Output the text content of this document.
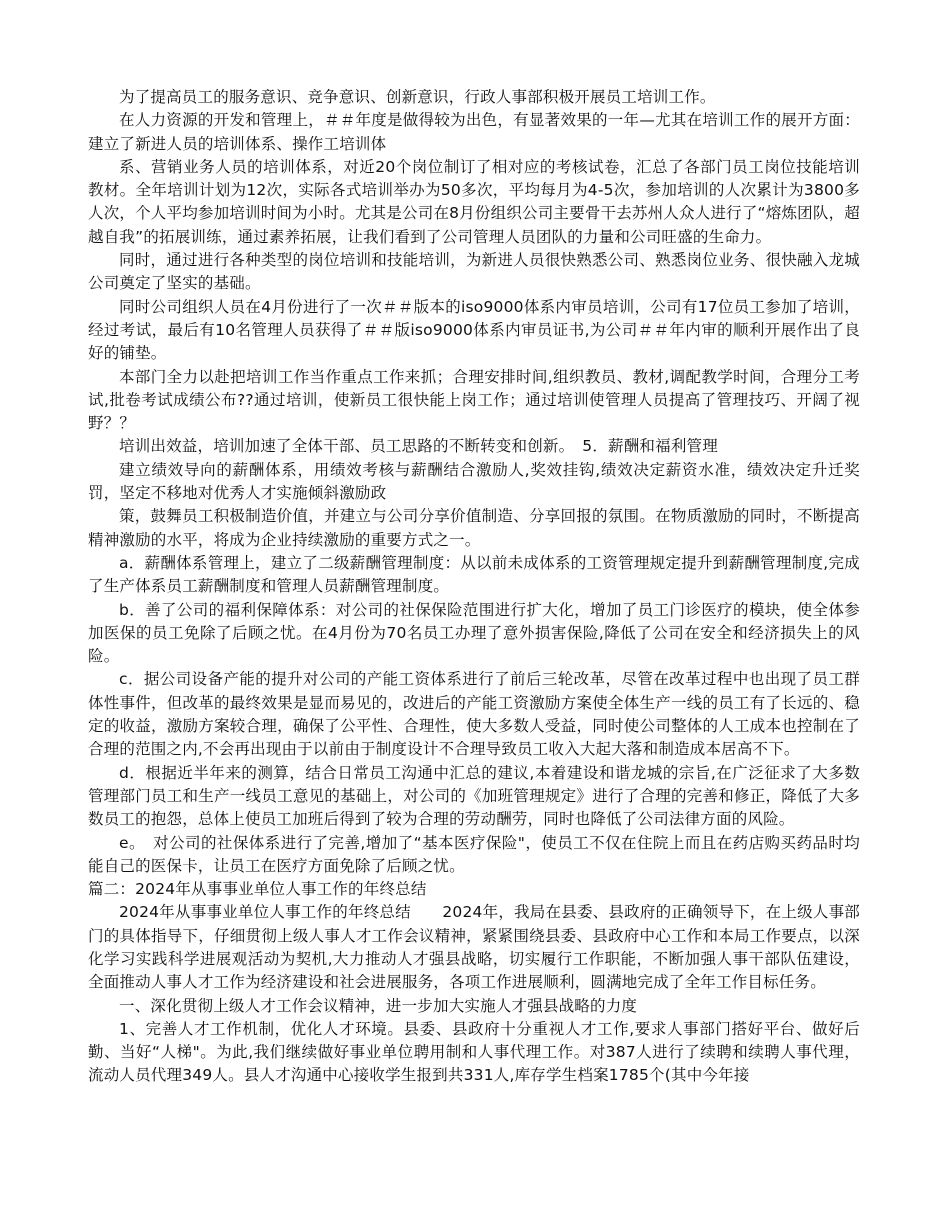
为了提高员工的服务意识、竞争意识、创新意识，行政人事部积极开展员工培训工作。

在人力资源的开发和管理上，＃＃年度是做得较为出色，有显著效果的一年—尤其在培训工作的展开方面：建立了新进人员的培训体系、操作工培训体

系、营销业务人员的培训体系，对近20个岗位制订了相对应的考核试卷，汇总了各部门员工岗位技能培训教材。全年培训计划为12次，实际各式培训举办为50多次，平均每月为4-5次，参加培训的人次累计为3800多人次，个人平均参加培训时间为小时。尤其是公司在8月份组织公司主要骨干去苏州人众人进行了“熔炼团队，超越自我”的拓展训练，通过素养拓展，让我们看到了公司管理人员团队的力量和公司旺盛的生命力。

同时，通过进行各种类型的岗位培训和技能培训，为新进人员很快熟悉公司、熟悉岗位业务、很快融入龙城公司奠定了坚实的基础。

同时公司组织人员在4月份进行了一次＃＃版本的iso9000体系内审员培训，公司有17位员工参加了培训，经过考试，最后有10名管理人员获得了＃＃版iso9000体系内审员证书,为公司＃＃年内审的顺利开展作出了良好的铺垫。

本部门全力以赴把培训工作当作重点工作来抓；合理安排时间,组织教员、教材,调配教学时间，合理分工考试,批卷考试成绩公布??通过培训，使新员工很快能上岗工作；通过培训使管理人员提高了管理技巧、开阔了视野？？

培训出效益，培训加速了全体干部、员工思路的不断转变和创新。　5．薪酬和福利管理

建立绩效导向的薪酬体系，用绩效考核与薪酬结合激励人,奖效挂钩,绩效决定薪资水准，绩效决定升迁奖罚，坚定不移地对优秀人才实施倾斜激励政

策，鼓舞员工积极制造价值，并建立与公司分享价值制造、分享回报的氛围。在物质激励的同时，不断提高精神激励的水平，将成为企业持续激励的重要方式之一。

a．薪酬体系管理上，建立了二级薪酬管理制度：从以前未成体系的工资管理规定提升到薪酬管理制度,完成了生产体系员工薪酬制度和管理人员薪酬管理制度。

b．善了公司的福利保障体系：对公司的社保保险范围进行扩大化，增加了员工门诊医疗的模块，使全体参加医保的员工免除了后顾之忧。在4月份为70名员工办理了意外损害保险,降低了公司在安全和经济损失上的风险。

c．据公司设备产能的提升对公司的产能工资体系进行了前后三轮改革，尽管在改革过程中也出现了员工群体性事件，但改革的最终效果是显而易见的，改进后的产能工资激励方案使全体生产一线的员工有了长远的、稳定的收益，激励方案较合理，确保了公平性、合理性，使大多数人受益，同时使公司整体的人工成本也控制在了合理的范围之内,不会再出现由于以前由于制度设计不合理导致员工收入大起大落和制造成本居高不下。

d．根据近半年来的测算，结合日常员工沟通中汇总的建议,本着建设和谐龙城的宗旨,在广泛征求了大多数管理部门员工和生产一线员工意见的基础上，对公司的《加班管理规定》进行了合理的完善和修正，降低了大多数员工的抱怨，总体上使员工加班后得到了较为合理的劳动酬劳，同时也降低了公司法律方面的风险。

e。　对公司的社保体系进行了完善,增加了“基本医疗保险"，使员工不仅在住院上而且在药店购买药品时均能自己的医保卡，让员工在医疗方面免除了后顾之忧。

篇二：2024年从事事业单位人事工作的年终总结

2024年从事事业单位人事工作的年终总结　　2024年，我局在县委、县政府的正确领导下，在上级人事部门的具体指导下，仔细贯彻上级人事人才工作会议精神，紧紧围绕县委、县政府中心工作和本局工作要点，以深化学习实践科学进展观活动为契机,大力推动人才强县战略，切实履行工作职能，不断加强人事干部队伍建设，全面推动人事人才工作为经济建设和社会进展服务，各项工作进展顺利，圆满地完成了全年工作目标任务。

一、深化贯彻上级人才工作会议精神，进一步加大实施人才强县战略的力度

1、完善人才工作机制，优化人才环境。县委、县政府十分重视人才工作,要求人事部门搭好平台、做好后勤、当好“人梯"。为此,我们继续做好事业单位聘用制和人事代理工作。对387人进行了续聘和续聘人事代理，流动人员代理349人。县人才沟通中心接收学生报到共331人,库存学生档案1785个(其中今年接
